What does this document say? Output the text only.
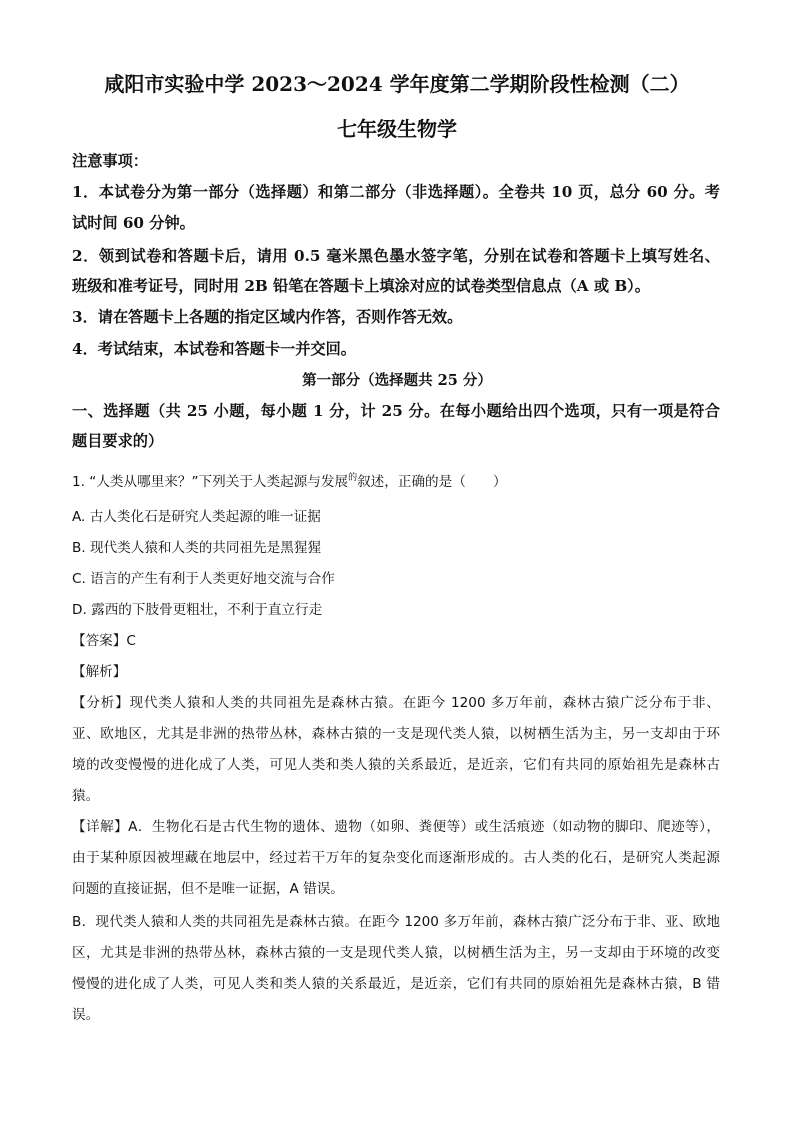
咸阳市实验中学 2023～2024 学年度第二学期阶段性检测（二）
七年级生物学
注意事项：
1．本试卷分为第一部分（选择题）和第二部分（非选择题）。全卷共 10 页，总分 60 分。考
试时间 60 分钟。
2．领到试卷和答题卡后，请用 0.5 毫米黑色墨水签字笔，分别在试卷和答题卡上填写姓名、
班级和准考证号，同时用 2B 铅笔在答题卡上填涂对应的试卷类型信息点（A 或 B）。
3．请在答题卡上各题的指定区域内作答，否则作答无效。
4．考试结束，本试卷和答题卡一并交回。
第一部分（选择题共 25 分）
一、选择题（共 25 小题，每小题 1 分，计 25 分。在每小题给出四个选项，只有一项是符合
题目要求的）
1. “人类从哪里来？”下列关于人类起源与发展$^的$叙述，正确的是（　　）
A. 古人类化石是研究人类起源的唯一证据
B. 现代类人猿和人类的共同祖先是黑猩猩
C. 语言的产生有利于人类更好地交流与合作
D. 露西的下肢骨更粗壮，不利于直立行走
【答案】C
【解析】
【分析】现代类人猿和人类的共同祖先是森林古猿。在距今 1200 多万年前，森林古猿广泛分布于非、
亚、欧地区，尤其是非洲的热带丛林，森林古猿的一支是现代类人猿，以树栖生活为主，另一支却由于环
境的改变慢慢的进化成了人类，可见人类和类人猿的关系最近，是近亲，它们有共同的原始祖先是森林古
猿。
【详解】A．生物化石是古代生物的遗体、遗物（如卵、粪便等）或生活痕迹（如动物的脚印、爬迹等），
由于某种原因被埋藏在地层中，经过若干万年的复杂变化而逐渐形成的。古人类的化石，是研究人类起源
问题的直接证据，但不是唯一证据，A 错误。
B．现代类人猿和人类的共同祖先是森林古猿。在距今 1200 多万年前，森林古猿广泛分布于非、亚、欧地
区，尤其是非洲的热带丛林，森林古猿的一支是现代类人猿，以树栖生活为主，另一支却由于环境的改变
慢慢的进化成了人类，可见人类和类人猿的关系最近，是近亲，它们有共同的原始祖先是森林古猿，B 错
误。
